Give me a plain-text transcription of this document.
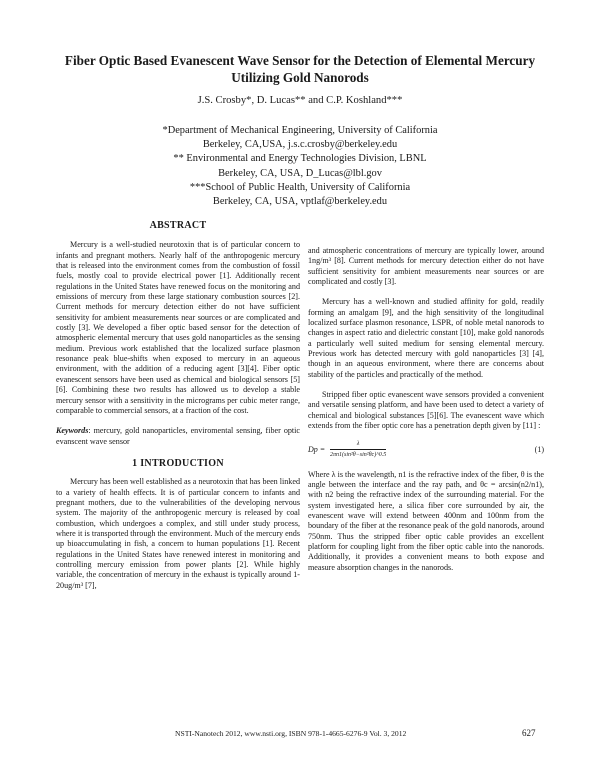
Fiber Optic Based Evanescent Wave Sensor for the Detection of Elemental Mercury
Utilizing Gold Nanorods
J.S. Crosby*, D. Lucas** and C.P. Koshland***
*Department of Mechanical Engineering, University of California
Berkeley, CA,USA, j.s.c.crosby@berkeley.edu
** Environmental and Energy Technologies Division, LBNL
Berkeley, CA, USA, D_Lucas@lbl.gov
***School of Public Health, University of California
Berkeley, CA, USA, vptlaf@berkeley.edu
ABSTRACT

Mercury is a well-studied neurotoxin that is of particular concern to infants and pregnant mothers. Nearly half of the anthropogenic mercury that is released into the environment comes from the combustion of fossil fuels, mostly coal to provide electrical power [1]. Additionally recent regulations in the United States have renewed focus on the monitoring and emissions of mercury from these large stationary combustion sources [2]. Current methods for mercury detection either do not have sufficient sensitivity for ambient measurements near sources or are complicated and costly [3]. We developed a fiber optic based sensor for the detection of atmospheric elemental mercury that uses gold nanoparticles as the sensing medium. Previous work established that the localized surface plasmon resonance peak blue-shifts when exposed to mercury in an aqueous environment, with the addition of a reducing agent [3][4]. Fiber optic evanescent sensors have been used as chemical and biological sensors [5] [6]. Combining these two results has allowed us to develop a stable mercury sensor with a sensitivity in the micrograms per cubic meter range, comparable to commercial sensors, at a fraction of the cost.

Keywords: mercury, gold nanoparticles, enviromental sensing, fiber optic evanscent wave sensor

1 INTRODUCTION

Mercury has been well established as a neurotoxin that has been linked to a variety of health effects. It is of particular concern to infants and pregnant mothers, due to the vulnerabilities of the developing nervous system. The majority of the anthropogenic mercury is released by coal combustion, which undergoes a complex, and still under study process, where it is transported through the environment. Much of the mercury ends up bioaccumulating in fish, a concern to human populations [1]. Recent regulations in the United States have renewed interest in monitoring and controlling mercury emission from power plants [2]. While highly variable, the concentration of mercury in the exhaust is typically around 1-20ug/m³ [7],

and atmospheric concentrations of mercury are typically lower, around 1ng/m³ [8]. Current methods for mercury detection either do not have sufficient sensitivity for ambient measurements near sources or are complicated and costly [3].

Mercury has a well-known and studied affinity for gold, readily forming an amalgam [9], and the high sensitivity of the longitudinal localized surface plasmon resonance, LSPR, of noble metal nanorods to changes in aspect ratio and dielectric constant [10], make gold nanorods a particularly well suited medium for sensing elemental mercury. Previous work has detected mercury with gold nanoparticles [3] [4], though in an aqueous environment, where there are concerns about stability of the particles and practically of the method.

Stripped fiber optic evanescent wave sensors provided a convenient and versatile sensing platform, and have been used to detect a variety of chemical and biological substances [5][6]. The evanescent wave which extends from the fiber optic core has a penetration depth given by [11] :

$Dp = \frac{\lambda}{\text{2πn1(sin²θ−sin²θc)\textasciicircum{}0.5}}$	(1)

Where λ is the wavelength, n1 is the refractive index of the fiber, θ is the angle between the interface and the ray path, and θc = arcsin(n2/n1), with n2 being the refractive index of the surrounding material. For the system investigated here, a silica fiber core surrounded by air, the evanescent wave will extend between 400nm and 100nm from the boundary of the fiber at the resonance peak of the gold nanorods, around 750nm. Thus the stripped fiber optic cable provides an excellent platform for coupling light from the fiber optic cable into the nanorods. Additionally, it provides a convenient means to both expose and measure absorption changes in the nanorods.

NSTI-Nanotech 2012, www.nsti.org, ISBN 978-1-4665-6276-9 Vol. 3, 2012	627
